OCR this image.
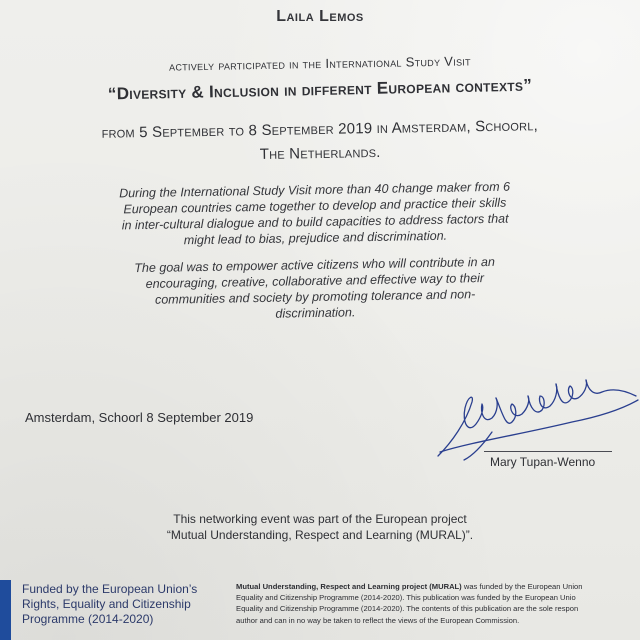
Laila Lemos
actively participated in the International Study Visit
“Diversity & Inclusion in different European contexts”
from 5 September to 8 September 2019 in Amsterdam, Schoorl,
The Netherlands.
During the International Study Visit more than 40 change maker from 6
European countries came together to develop and practice their skills
in inter-cultural dialogue and to build capacities to address factors that
might lead to bias, prejudice and discrimination.
The goal was to empower active citizens who will contribute in an
encouraging, creative, collaborative and effective way to their
communities and society by promoting tolerance and non-
discrimination.
Amsterdam, Schoorl 8 September 2019
Mary Tupan-Wenno
This networking event was part of the European project
“Mutual Understanding, Respect and Learning (MURAL)”.
Funded by the European Union’s
Rights, Equality and Citizenship
Programme (2014-2020)
Mutual Understanding, Respect and Learning project (MURAL) was funded by the European Union
Equality and Citizenship Programme (2014-2020). This publication was funded by the European Unio
Equality and Citizenship Programme (2014-2020). The contents of this publication are the sole respon
author and can in no way be taken to reflect the views of the European Commission.
